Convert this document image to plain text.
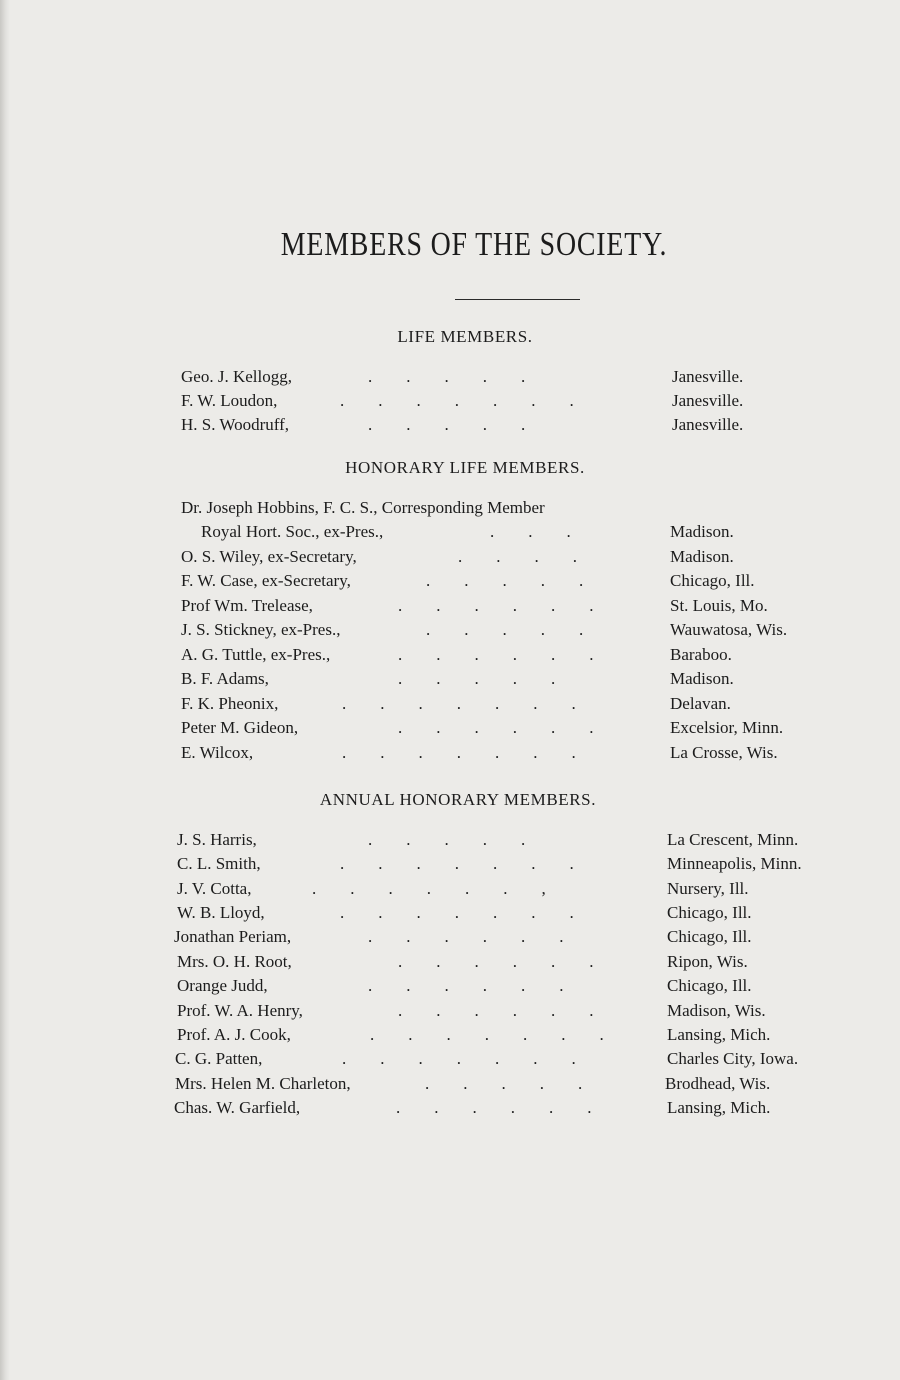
MEMBERS OF THE SOCIETY.
LIFE MEMBERS.
Geo. J. Kellogg,	.  .  .  .  .	Janesville.
F. W. Loudon,	.  .  .  .  .  .  .	Janesville.
H. S. Woodruff,	.  .  .  .  .	Janesville.
HONORARY LIFE MEMBERS.
Dr. Joseph Hobbins, F. C. S., Corresponding Member
Royal Hort. Soc., ex-Pres.,	.  .  .	Madison.
O. S. Wiley, ex-Secretary,	.  .  .  .	Madison.
F. W. Case, ex-Secretary,	.  .  .  .  .	Chicago, Ill.
Prof Wm. Trelease,	.  .  .  .  .  .	St. Louis, Mo.
J. S. Stickney, ex-Pres.,	.  .  .  .  .	Wauwatosa, Wis.
A. G. Tuttle, ex-Pres.,	.  .  .  .  .  .	Baraboo.
B. F. Adams,	.  .  .  .  .	Madison.
F. K. Pheonix,	.  .  .  .  .  .  .	Delavan.
Peter M. Gideon,	.  .  .  .  .  .	Excelsior, Minn.
E. Wilcox,	.  .  .  .  .  .  .	La Crosse, Wis.
ANNUAL HONORARY MEMBERS.
J. S. Harris,	.  .  .  .  .	La Crescent, Minn.
C. L. Smith,	.  .  .  .  .  .  .	Minneapolis, Minn.
J. V. Cotta,	.  .  .  .  .  .  ,	Nursery, Ill.
W. B. Lloyd,	.  .  .  .  .  .  .	Chicago, Ill.
Jonathan Periam,	.  .  .  .  .  .	Chicago, Ill.
Mrs. O. H. Root,	.  .  .  .  .  .	Ripon, Wis.
Orange Judd,	.  .  .  .  .  .	Chicago, Ill.
Prof. W. A. Henry,	.  .  .  .  .  .	Madison, Wis.
Prof. A. J. Cook,	.  .  .  .  .  .  .	Lansing, Mich.
C. G. Patten,	.  .  .  .  .  .  .	Charles City, Iowa.
Mrs. Helen M. Charleton,	.  .  .  .  .	Brodhead, Wis.
Chas. W. Garfield,	.  .  .  .  .  .	Lansing, Mich.
